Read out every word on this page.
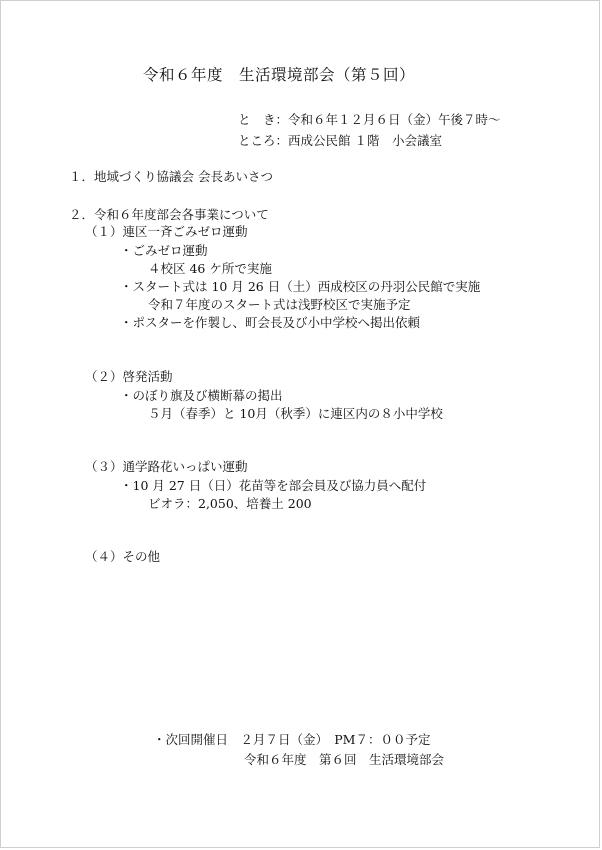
令和６年度　生活環境部会（第５回）
と　き：令和６年１２月６日（金）午後７時～
ところ：西成公民館 １階　小会議室
１．地域づくり協議会 会長あいさつ
２．令和６年度部会各事業について
（１）連区一斉ごみゼロ運動
・ごみゼロ運動
４校区 46 ケ所で実施
・スタート式は 10 月 26 日（土）西成校区の丹羽公民館で実施
令和７年度のスタート式は浅野校区で実施予定
・ポスターを作製し、町会長及び小中学校へ掲出依頼
（２）啓発活動
・のぼり旗及び横断幕の掲出
５月（春季）と 10月（秋季）に連区内の８小中学校
（３）通学路花いっぱい運動
・10 月 27 日（日）花苗等を部会員及び協力員へ配付
ビオラ：2,050、培養土 200
（４）その他
・次回開催日　２月７日（金）　PM７：００予定
令和６年度　第６回　生活環境部会
